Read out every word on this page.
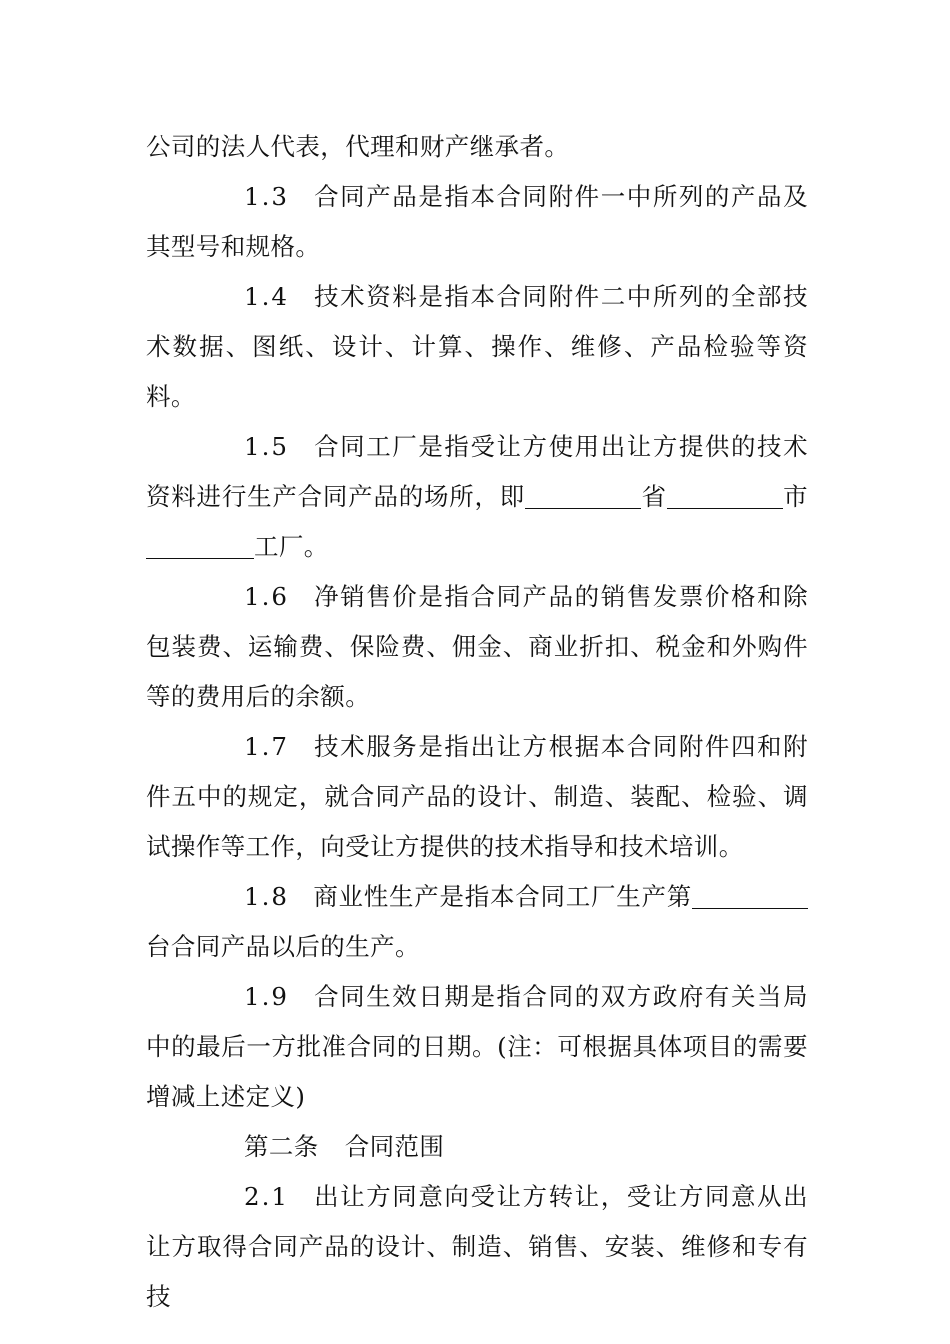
公司的法人代表，代理和财产继承者。

1.3 合同产品是指本合同附件一中所列的产品及其型号和规格。

1.4 技术资料是指本合同附件二中所列的全部技术数据、图纸、设计、计算、操作、维修、产品检验等资料。

1.5 合同工厂是指受让方使用出让方提供的技术资料进行生产合同产品的场所，即	省	市工厂。

1.6 净销售价是指合同产品的销售发票价格和除包装费、运输费、保险费、佣金、商业折扣、税金和外购件等的费用后的余额。

1.7 技术服务是指出让方根据本合同附件四和附件五中的规定，就合同产品的设计、制造、装配、检验、调试操作等工作，向受让方提供的技术指导和技术培训。

1.8 商业性生产是指本合同工厂生产第台合同产品以后的生产。

1.9 合同生效日期是指合同的双方政府有关当局中的最后一方批准合同的日期。(注：可根据具体项目的需要增减上述定义)

第二条 合同范围

2.1 出让方同意向受让方转让，受让方同意从出让方取得合同产品的设计、制造、销售、安装、维修和专有技
